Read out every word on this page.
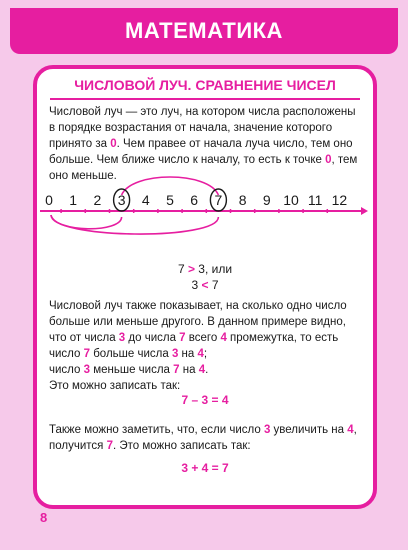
МАТЕМАТИКА
ЧИСЛОВОЙ ЛУЧ. СРАВНЕНИЕ ЧИСЕЛ
Числовой луч — это луч, на котором числа расположены
в порядке возрастания от начала, значение которого
принято за 0. Чем правее от начала луча число, тем оно
больше. Чем ближе число к началу, то есть к точке 0, тем
оно меньше.
7 > 3, или
3 < 7
Числовой луч также показывает, на сколько одно число
больше или меньше другого. В данном примере видно,
что от числа 3 до числа 7 всего 4 промежутка, то есть
число 7 больше числа 3 на 4;
число 3 меньше числа 7 на 4.
Это можно записать так:
7 – 3 = 4
Также можно заметить, что, если число 3 увеличить на 4,
получится 7. Это можно записать так:
3 + 4 = 7
0 1 2 3 4 5 6 7 8 9 10 11 12
8
